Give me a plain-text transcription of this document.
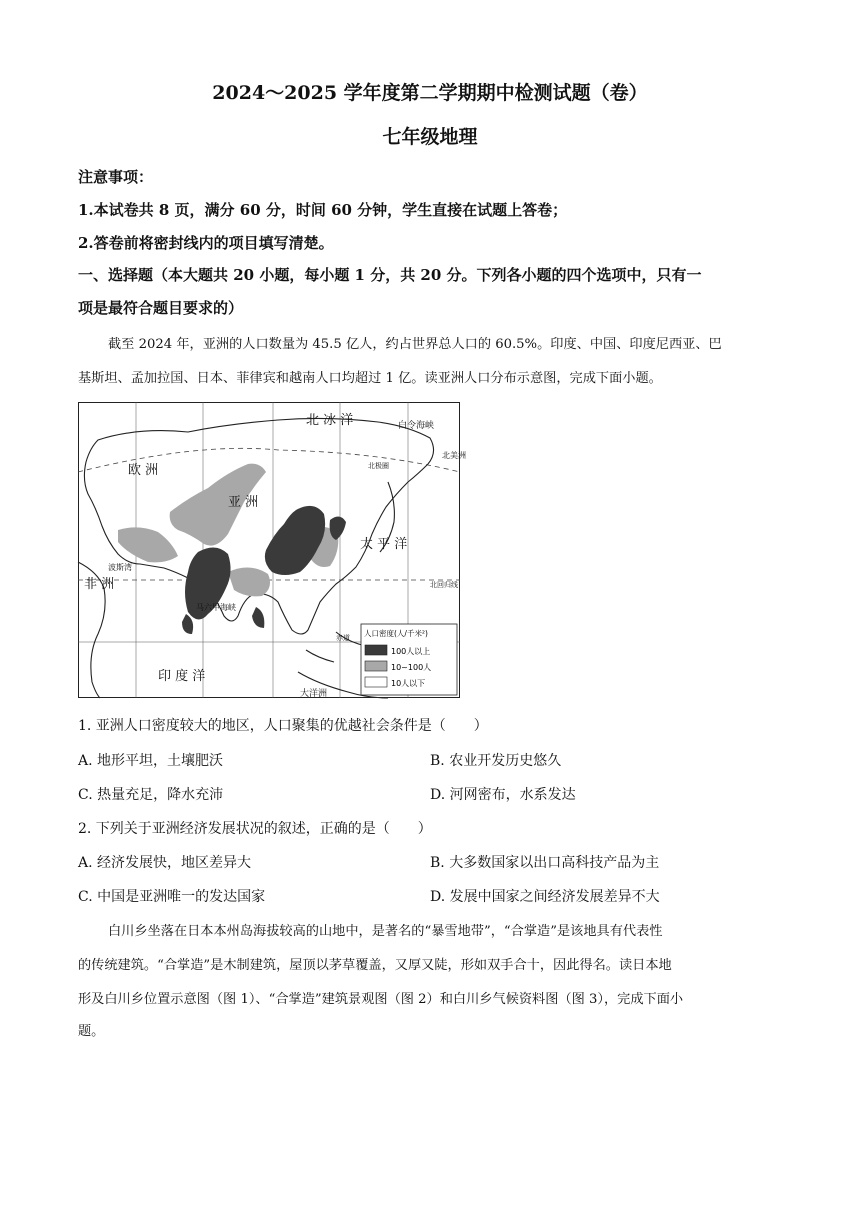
2024～2025 学年度第二学期期中检测试题（卷）
七年级地理
注意事项：
1.本试卷共 8 页，满分 60 分，时间 60 分钟，学生直接在试题上答卷；
2.答卷前将密封线内的项目填写清楚。
一、选择题（本大题共 20 小题，每小题 1 分，共 20 分。下列各小题的四个选项中，只有一
项是最符合题目要求的）
截至 2024 年，亚洲的人口数量为 45.5 亿人，约占世界总人口的 60.5%。印度、中国、印度尼西亚、巴
基斯坦、孟加拉国、日本、菲律宾和越南人口均超过 1 亿。读亚洲人口分布示意图，完成下面小题。
北 冰 洋	白令海峡
北美洲
北极圈
欧 洲
亚 洲
太 平 洋
北回归线
波斯湾
非 洲
马六甲海峡
赤道
印 度 洋
大洋洲
人口密度(人/千米²)
100人以上
10~100人
10人以下
1. 亚洲人口密度较大的地区，人口聚集的优越社会条件是（　　）
A. 地形平坦，土壤肥沃	B. 农业开发历史悠久
C. 热量充足，降水充沛	D. 河网密布，水系发达
2. 下列关于亚洲经济发展状况的叙述，正确的是（　　）
A. 经济发展快，地区差异大	B. 大多数国家以出口高科技产品为主
C. 中国是亚洲唯一的发达国家	D. 发展中国家之间经济发展差异不大
白川乡坐落在日本本州岛海拔较高的山地中，是著名的“暴雪地带”，“合掌造”是该地具有代表性
的传统建筑。“合掌造”是木制建筑，屋顶以茅草覆盖，又厚又陡，形如双手合十，因此得名。读日本地
形及白川乡位置示意图（图 1）、“合掌造”建筑景观图（图 2）和白川乡气候资料图（图 3），完成下面小
题。
